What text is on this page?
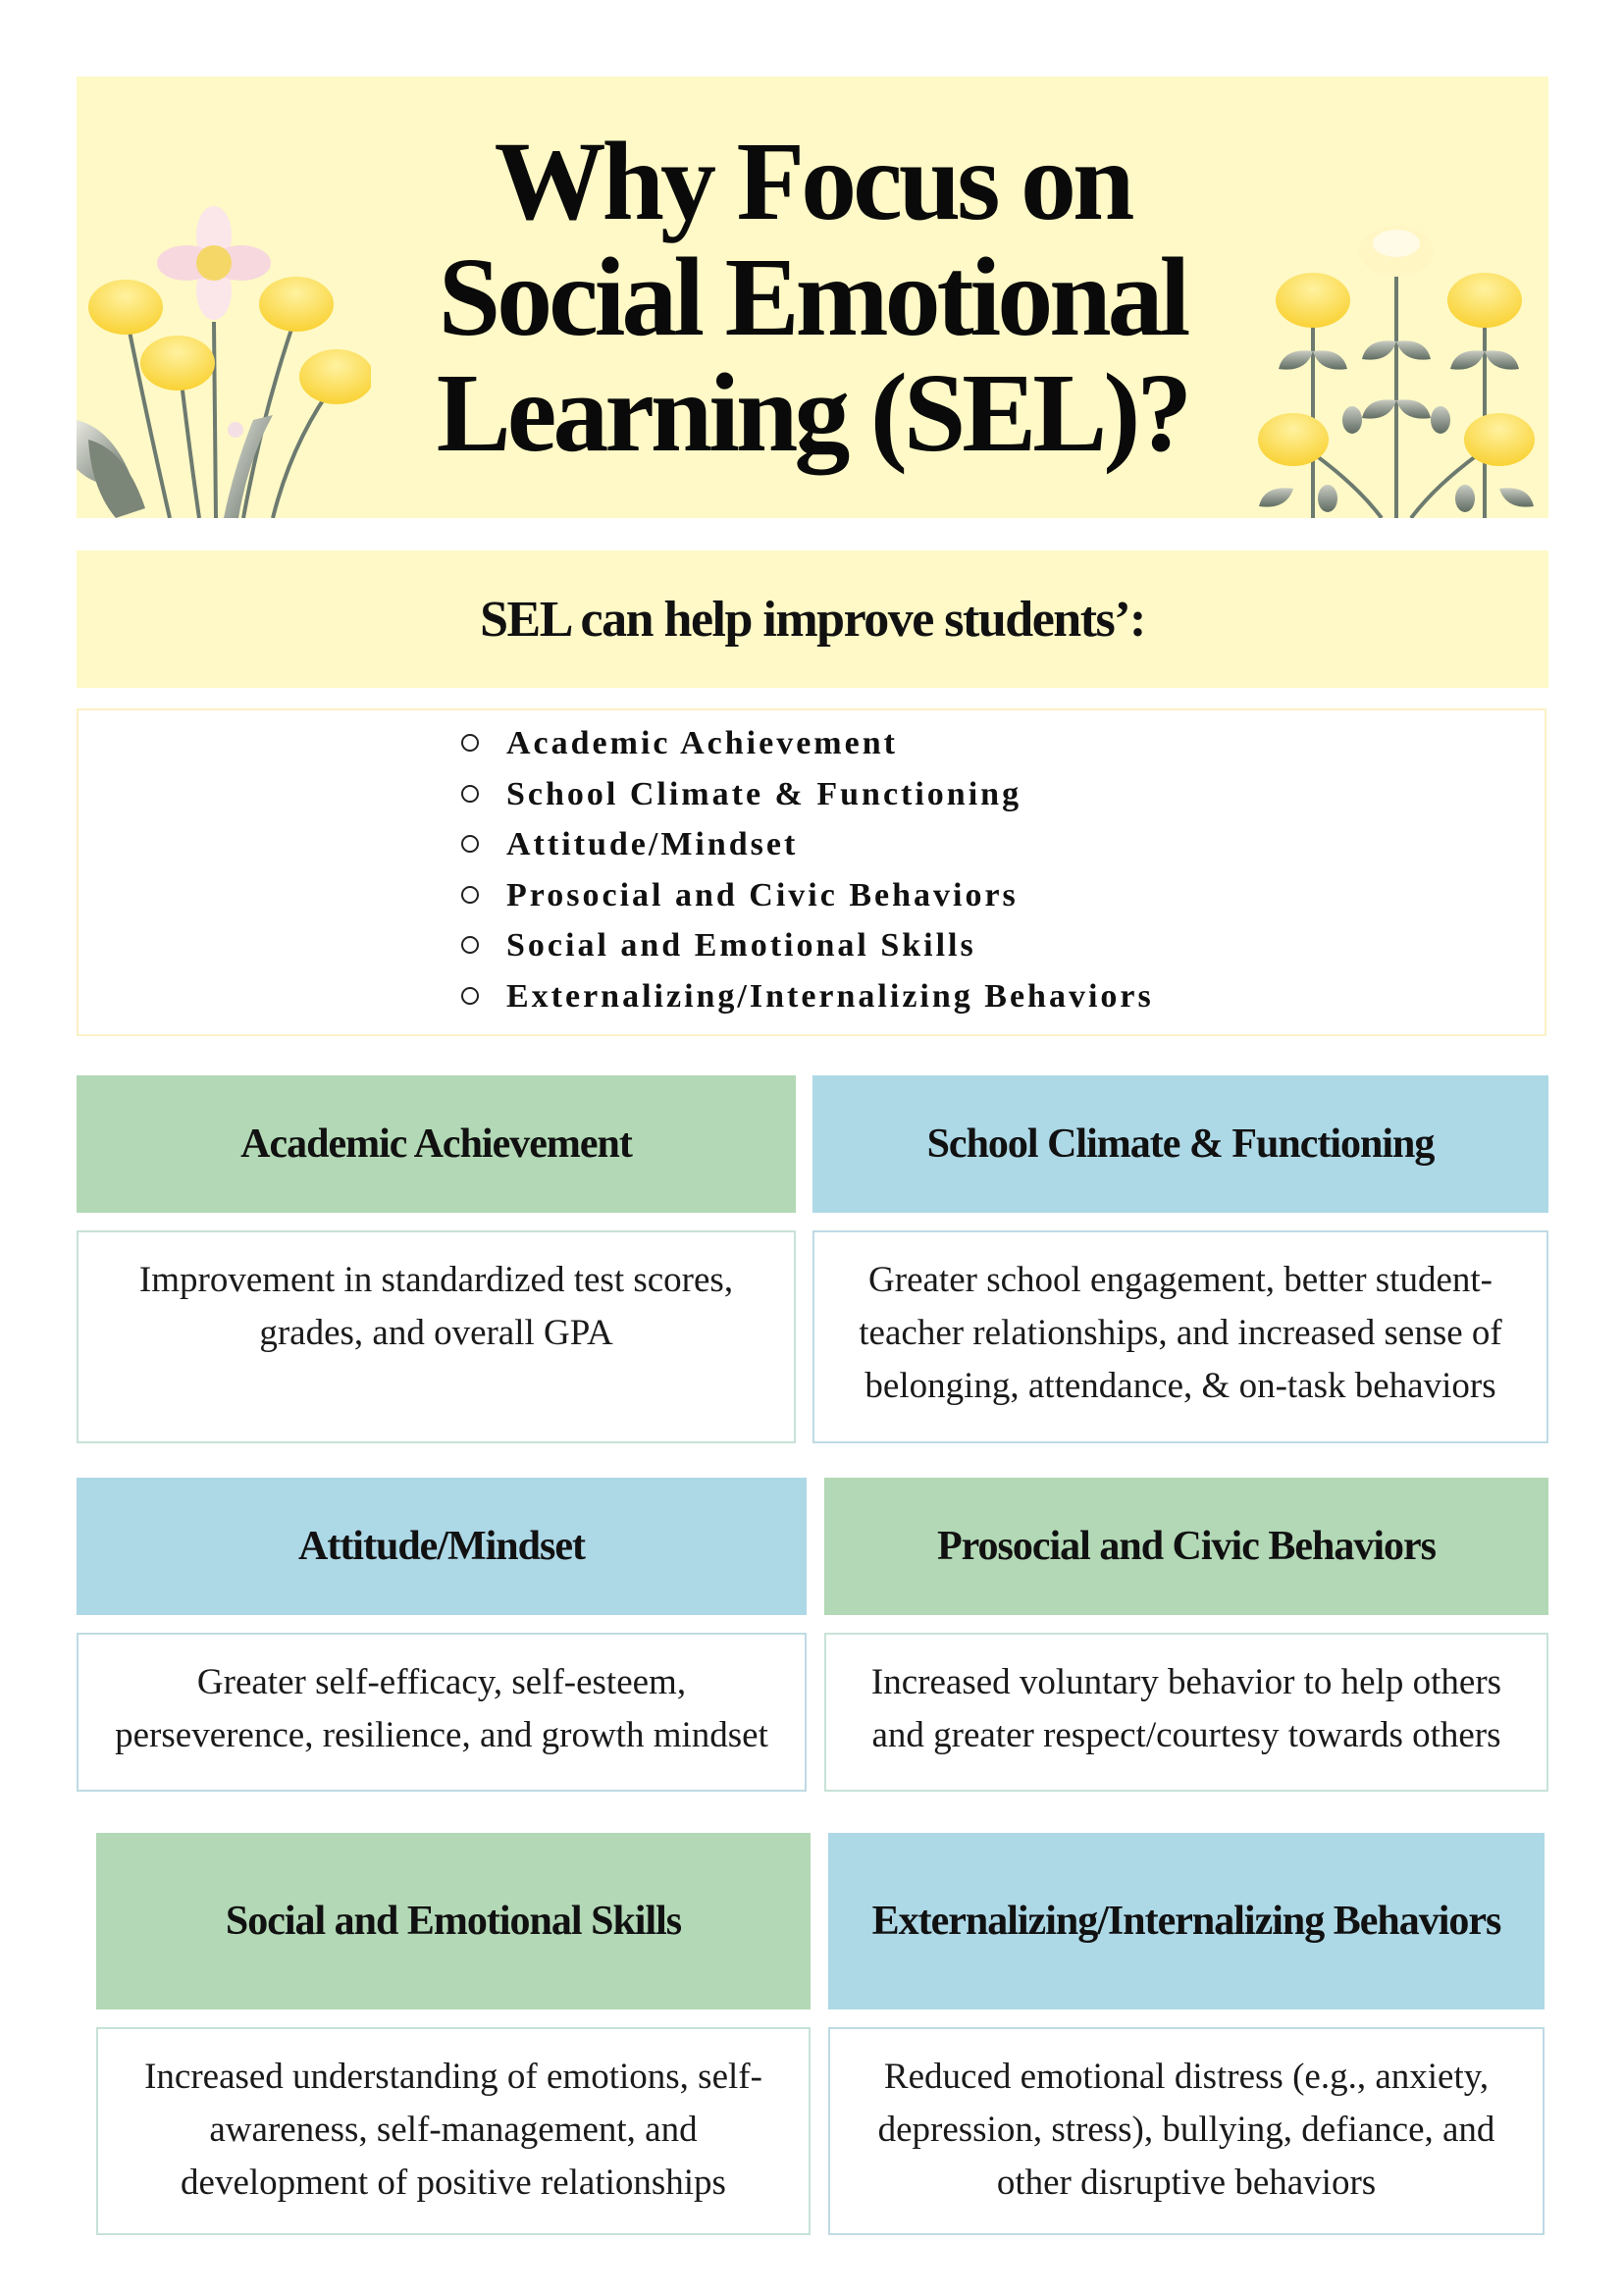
Why Focus on
Social Emotional
Learning (SEL)?
SEL can help improve students’:
Academic Achievement
School Climate & Functioning
Attitude/Mindset
Prosocial and Civic Behaviors
Social and Emotional Skills
Externalizing/Internalizing Behaviors
Academic Achievement
Improvement in standardized test scores, grades, and overall GPA
School Climate & Functioning
Greater school engagement, better student-teacher relationships, and increased sense of belonging, attendance, & on-task behaviors
Attitude/Mindset
Greater self-efficacy, self-esteem, perseverence, resilience, and growth mindset
Prosocial and Civic Behaviors
Increased voluntary behavior to help others and greater respect/courtesy towards others
Social and Emotional Skills
Increased understanding of emotions, self-awareness, self-management, and development of positive relationships
Externalizing/Internalizing Behaviors
Reduced emotional distress (e.g., anxiety, depression, stress), bullying, defiance, and other disruptive behaviors
